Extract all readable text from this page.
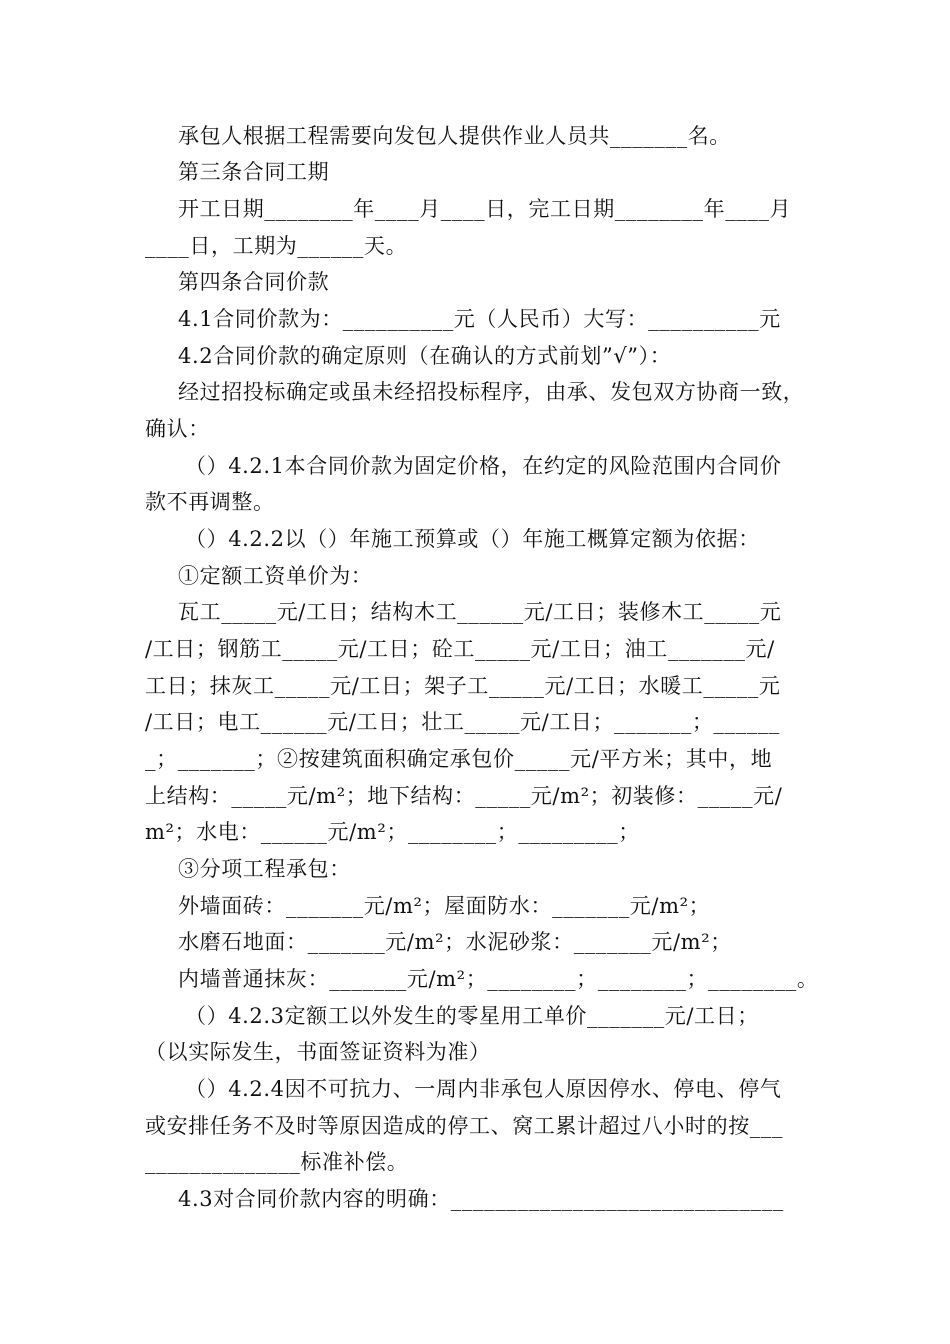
承包人根据工程需要向发包人提供作业人员共_______名。
第三条合同工期
开工日期________年____月____日，完工日期________年____月
____日，工期为______天。
第四条合同价款
4.1合同价款为：__________元（人民币）大写：__________元
4.2合同价款的确定原则（在确认的方式前划”√”）：
经过招投标确定或虽未经招投标程序，由承、发包双方协商一致，
确认：
（）4.2.1本合同价款为固定价格，在约定的风险范围内合同价
款不再调整。
（）4.2.2以（）年施工预算或（）年施工概算定额为依据：
①定额工资单价为：
瓦工_____元/工日；结构木工______元/工日；装修木工_____元
/工日；钢筋工_____元/工日；砼工_____元/工日；油工_______元/
工日；抹灰工_____元/工日；架子工_____元/工日；水暖工_____元
/工日；电工______元/工日；壮工_____元/工日；_______；______
_；_______；②按建筑面积确定承包价_____元/平方米；其中，地
上结构：_____元/m²；地下结构：_____元/m²；初装修：_____元/
m²；水电：______元/m²；________；_________；
③分项工程承包：
外墙面砖：_______元/m²；屋面防水：_______元/m²；
水磨石地面：_______元/m²；水泥砂浆：_______元/m²；
内墙普通抹灰：_______元/m²；________；________；________。
（）4.2.3定额工以外发生的零星用工单价_______元/工日；
（以实际发生，书面签证资料为准）
（）4.2.4因不可抗力、一周内非承包人原因停水、停电、停气
或安排任务不及时等原因造成的停工、窝工累计超过八小时的按___
______________标准补偿。
4.3对合同价款内容的明确：______________________________
